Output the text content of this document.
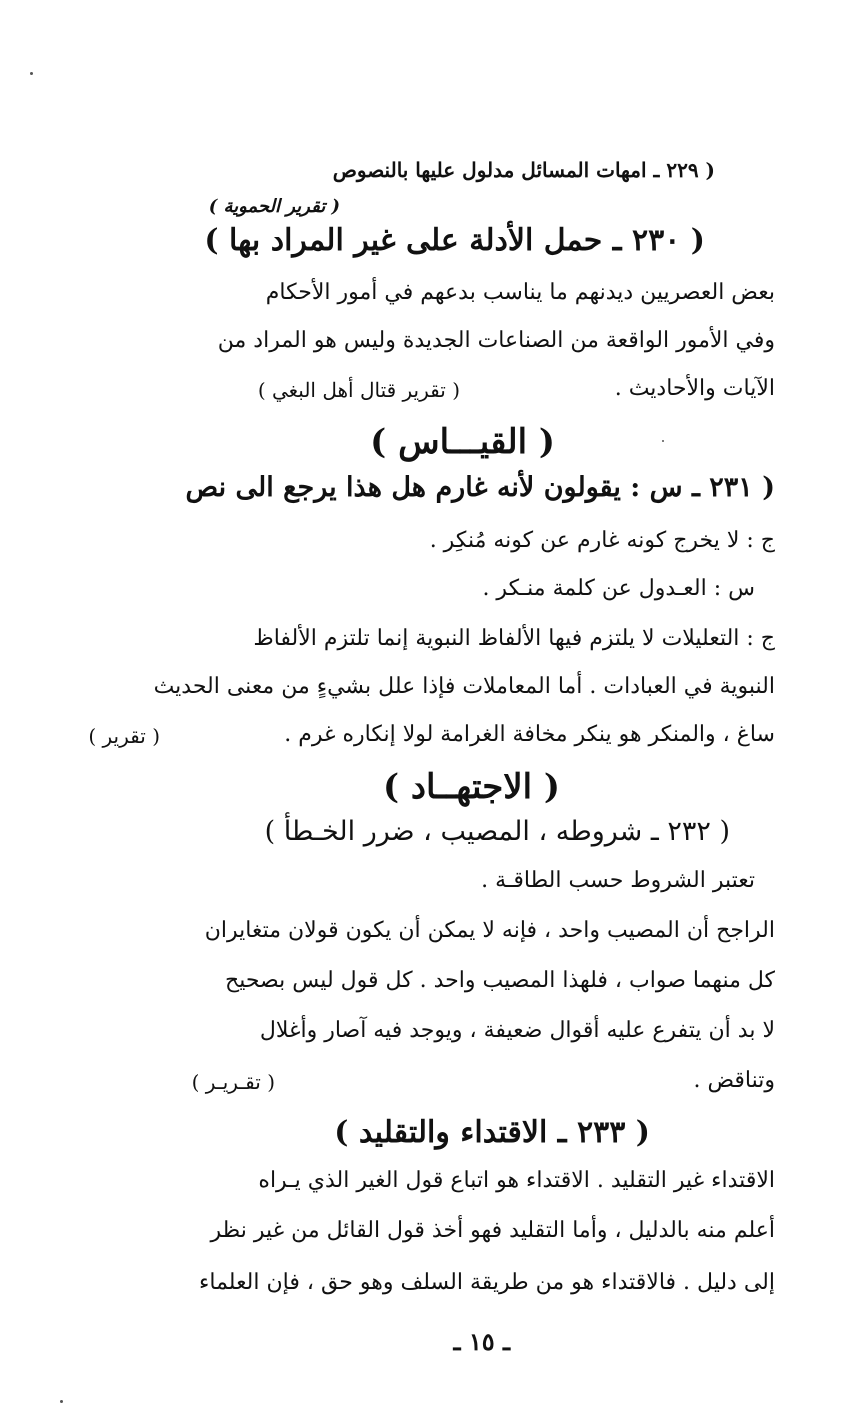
( ٢٢٩ ـ امهات المسائل مدلول عليها بالنصوص
( تقرير الحموية )
( ٢٣٠ ـ حمل الأدلة على غير المراد بها )
بعض العصريين ديدنهم ما يناسب بدعهم في أمور الأحكام
وفي الأمور الواقعة من الصناعات الجديدة وليس هو المراد من
الآيات والأحاديث .
( تقرير قتال أهل البغي )
( القيـــاس )
( ٢٣١ ـ س : يقولون لأنه غارم هل هذا يرجع الى نص
ج : لا يخرج كونه غارم عن كونه مُنكِر .
س : العـدول عن كلمة منـكر .
ج : التعليلات لا يلتزم فيها الألفاظ النبوية إنما تلتزم الألفاظ
النبوية في العبادات . أما المعاملات فإذا علل بشيءٍ من معنى الحديث
ساغ ، والمنكر هو ينكر مخافة الغرامة لولا إنكاره غرم .
( تقرير )
( الاجتهــاد )
( ٢٣٢ ـ شروطه ، المصيب ، ضرر الخـطأ )
تعتبر الشروط حسب الطاقـة .
الراجح أن المصيب واحد ، فإنه لا يمكن أن يكون قولان متغايران
كل منهما صواب ، فلهذا المصيب واحد . كل قول ليس بصحيح
لا بد أن يتفرع عليه أقوال ضعيفة ، ويوجد فيه آصار وأغلال
وتناقض .
( تقـريـر )
( ٢٣٣ ـ الاقتداء والتقليد )
الاقتداء غير التقليد . الاقتداء هو اتباع قول الغير الذي يـراه
أعلم منه بالدليل ، وأما التقليد فهو أخذ قول القائل من غير نظر
إلى دليل . فالاقتداء هو من طريقة السلف وهو حق ، فإن العلماء
ـ ١٥ ـ
